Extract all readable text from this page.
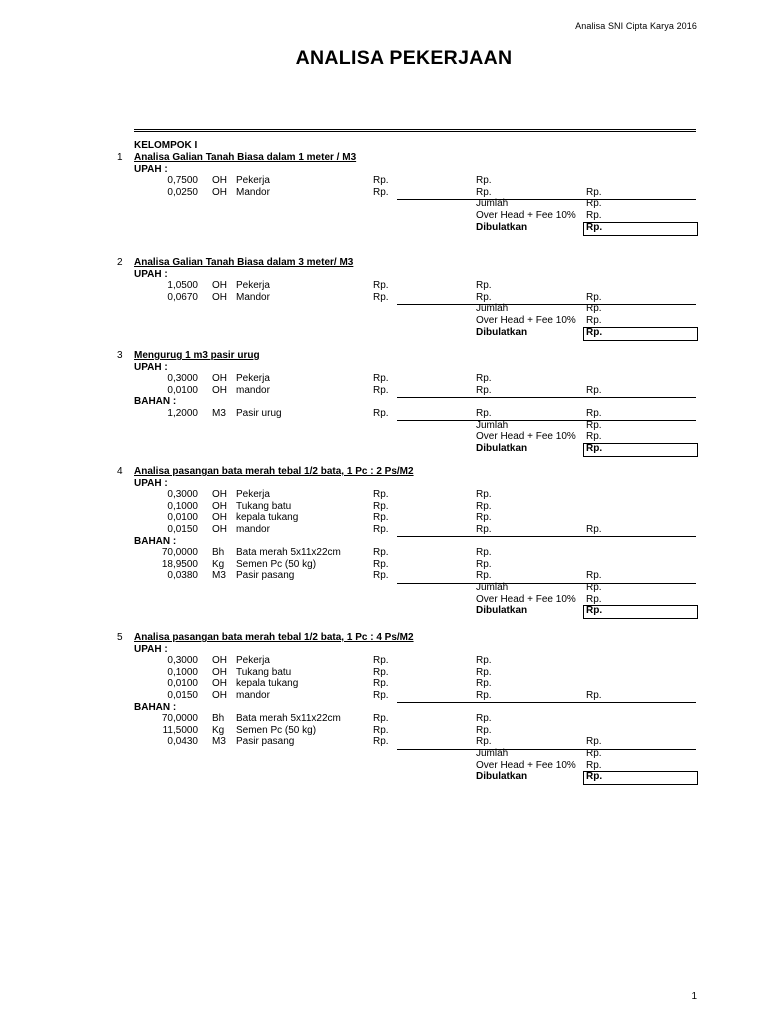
Analisa SNI Cipta Karya 2016
ANALISA PEKERJAAN
KELOMPOK I
1 Analisa Galian Tanah Biasa dalam 1 meter / M3
UPAH :
0,7500 OH Pekerja	Rp.	Rp.
0,0250 OH Mandor	Rp.	Rp.	Rp.
Jumlah	Rp.
Over Head + Fee 10% Rp.
Dibulatkan	Rp.
2 Analisa Galian Tanah Biasa dalam 3 meter/ M3
UPAH :
1,0500 OH Pekerja	Rp.	Rp.
0,0670 OH Mandor	Rp.	Rp.	Rp.
Jumlah	Rp.
Over Head + Fee 10% Rp.
Dibulatkan	Rp.
3 Mengurug 1 m3 pasir urug
UPAH :
0,3000 OH Pekerja	Rp.	Rp.
0,0100 OH mandor	Rp.	Rp.	Rp.
BAHAN :
1,2000 M3 Pasir urug	Rp.	Rp.	Rp.
Jumlah	Rp.
Over Head + Fee 10% Rp.
Dibulatkan	Rp.
4 Analisa pasangan bata merah tebal 1/2 bata, 1 Pc : 2 Ps/M2
UPAH :
0,3000 OH Pekerja	Rp.	Rp.
0,1000 OH Tukang batu	Rp.	Rp.
0,0100 OH kepala tukang	Rp.	Rp.
0,0150 OH mandor	Rp.	Rp.	Rp.
BAHAN :
70,0000 Bh Bata merah 5x11x22cm	Rp.	Rp.
18,9500 Kg Semen Pc (50 kg)	Rp.	Rp.
0,0380 M3 Pasir pasang	Rp.	Rp.	Rp.
Jumlah	Rp.
Over Head + Fee 10% Rp.
Dibulatkan	Rp.
5 Analisa pasangan bata merah tebal 1/2 bata, 1 Pc : 4 Ps/M2
UPAH :
0,3000 OH Pekerja	Rp.	Rp.
0,1000 OH Tukang batu	Rp.	Rp.
0,0100 OH kepala tukang	Rp.	Rp.
0,0150 OH mandor	Rp.	Rp.	Rp.
BAHAN :
70,0000 Bh Bata merah 5x11x22cm	Rp.	Rp.
11,5000 Kg Semen Pc (50 kg)	Rp.	Rp.
0,0430 M3 Pasir pasang	Rp.	Rp.	Rp.
Jumlah	Rp.
Over Head + Fee 10% Rp.
Dibulatkan	Rp.
1
